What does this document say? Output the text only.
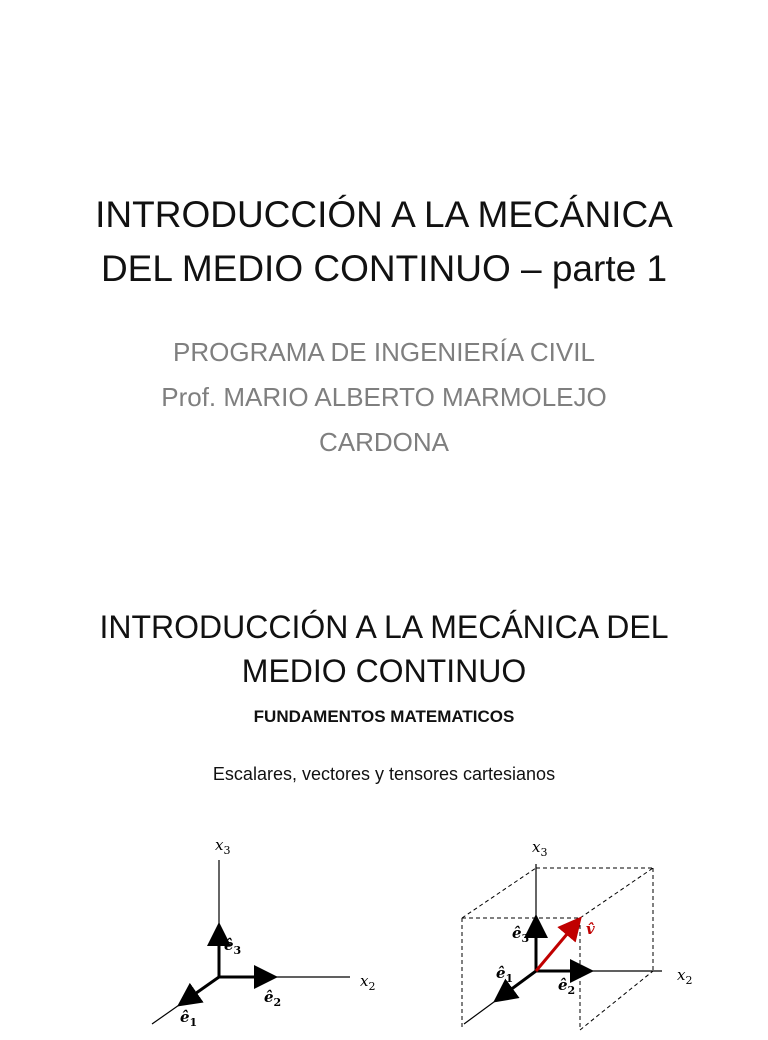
INTRODUCCIÓN A LA MECÁNICA
DEL MEDIO CONTINUO – parte 1
PROGRAMA DE INGENIERÍA CIVIL
Prof. MARIO ALBERTO MARMOLEJO
CARDONA
INTRODUCCIÓN A LA MECÁNICA DEL
MEDIO CONTINUO
FUNDAMENTOS MATEMATICOS
Escalares, vectores y tensores cartesianos
$x_3$
$x_2$
$ê_3$
$ê_2$
$ê_1$
$x_3$
$x_2$
$ê_3$
$ê_2$
$ê_1$
v̂
